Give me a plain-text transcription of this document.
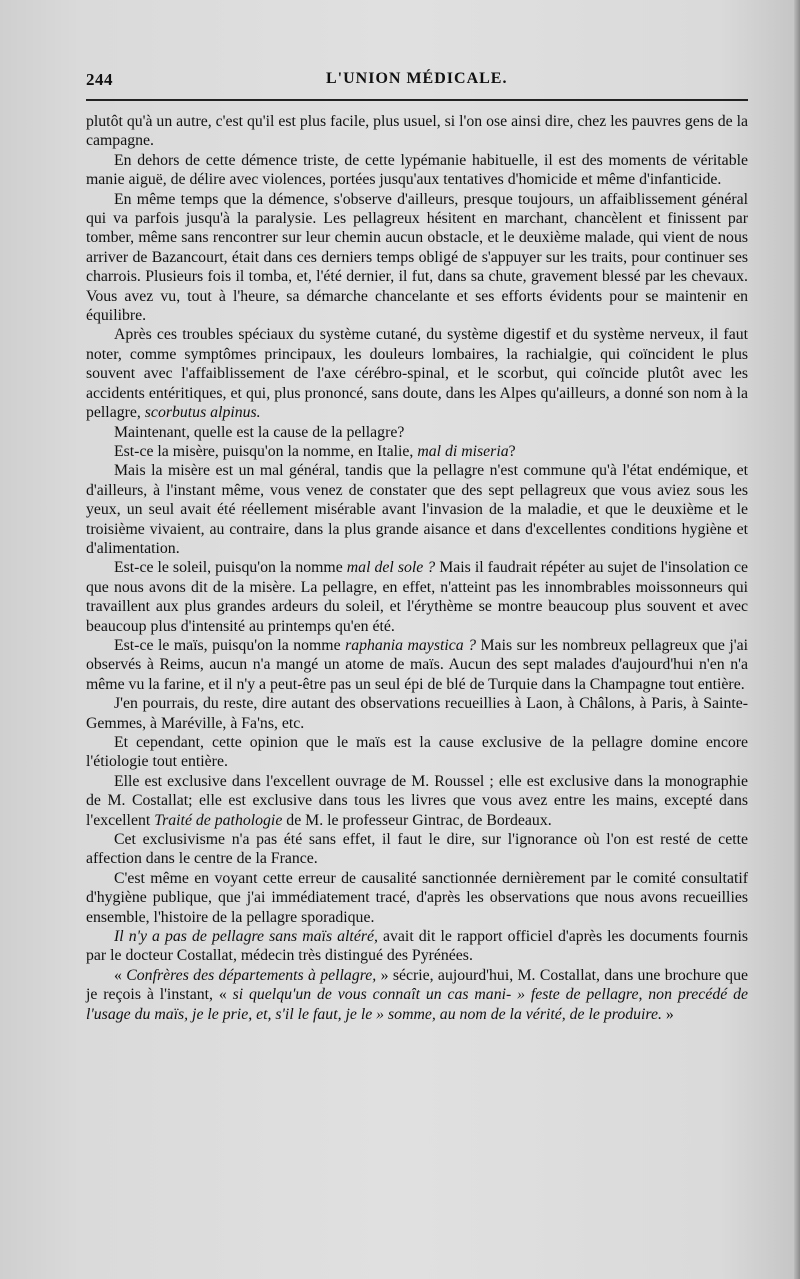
244	L'UNION MÉDICALE.

plutôt qu'à un autre, c'est qu'il est plus facile, plus usuel, si l'on ose ainsi dire, chez les pauvres gens de la campagne.

En dehors de cette démence triste, de cette lypémanie habituelle, il est des moments de véritable manie aiguë, de délire avec violences, portées jusqu'aux tentatives d'homicide et même d'infanticide.

En même temps que la démence, s'observe d'ailleurs, presque toujours, un affaiblissement général qui va parfois jusqu'à la paralysie. Les pellagreux hésitent en marchant, chancèlent et finissent par tomber, même sans rencontrer sur leur chemin aucun obstacle, et le deuxième malade, qui vient de nous arriver de Bazancourt, était dans ces derniers temps obligé de s'appuyer sur les traits, pour continuer ses charrois. Plusieurs fois il tomba, et, l'été dernier, il fut, dans sa chute, gravement blessé par les chevaux. Vous avez vu, tout à l'heure, sa démarche chancelante et ses efforts évidents pour se maintenir en équilibre.

Après ces troubles spéciaux du système cutané, du système digestif et du système nerveux, il faut noter, comme symptômes principaux, les douleurs lombaires, la rachialgie, qui coïncident le plus souvent avec l'affaiblissement de l'axe cérébro-spinal, et le scorbut, qui coïncide plutôt avec les accidents entéritiques, et qui, plus prononcé, sans doute, dans les Alpes qu'ailleurs, a donné son nom à la pellagre, scorbutus alpinus.

Maintenant, quelle est la cause de la pellagre?

Est-ce la misère, puisqu'on la nomme, en Italie, mal di miseria?

Mais la misère est un mal général, tandis que la pellagre n'est commune qu'à l'état endémique, et d'ailleurs, à l'instant même, vous venez de constater que des sept pellagreux que vous aviez sous les yeux, un seul avait été réellement misérable avant l'invasion de la maladie, et que le deuxième et le troisième vivaient, au contraire, dans la plus grande aisance et dans d'excellentes conditions hygiène et d'alimentation.

Est-ce le soleil, puisqu'on la nomme mal del sole ? Mais il faudrait répéter au sujet de l'insolation ce que nous avons dit de la misère. La pellagre, en effet, n'atteint pas les innombrables moissonneurs qui travaillent aux plus grandes ardeurs du soleil, et l'érythème se montre beaucoup plus souvent et avec beaucoup plus d'intensité au printemps qu'en été.

Est-ce le maïs, puisqu'on la nomme raphania maystica ? Mais sur les nombreux pellagreux que j'ai observés à Reims, aucun n'a mangé un atome de maïs. Aucun des sept malades d'aujourd'hui n'en n'a même vu la farine, et il n'y a peut-être pas un seul épi de blé de Turquie dans la Champagne tout entière.

J'en pourrais, du reste, dire autant des observations recueillies à Laon, à Châlons, à Paris, à Sainte-Gemmes, à Maréville, à Fa'ns, etc.

Et cependant, cette opinion que le maïs est la cause exclusive de la pellagre domine encore l'étiologie tout entière.

Elle est exclusive dans l'excellent ouvrage de M. Roussel ; elle est exclusive dans la monographie de M. Costallat; elle est exclusive dans tous les livres que vous avez entre les mains, excepté dans l'excellent Traité de pathologie de M. le professeur Gintrac, de Bordeaux.

Cet exclusivisme n'a pas été sans effet, il faut le dire, sur l'ignorance où l'on est resté de cette affection dans le centre de la France.

C'est même en voyant cette erreur de causalité sanctionnée dernièrement par le comité consultatif d'hygiène publique, que j'ai immédiatement tracé, d'après les observations que nous avons recueillies ensemble, l'histoire de la pellagre sporadique.

Il n'y a pas de pellagre sans maïs altéré, avait dit le rapport officiel d'après les documents fournis par le docteur Costallat, médecin très distingué des Pyrénées.

« Confrères des départements à pellagre, » sécrie, aujourd'hui, M. Costallat, dans une brochure que je reçois à l'instant, « si quelqu'un de vous connaît un cas mani- » feste de pellagre, non precédé de l'usage du maïs, je le prie, et, s'il le faut, je le » somme, au nom de la vérité, de le produire. »
